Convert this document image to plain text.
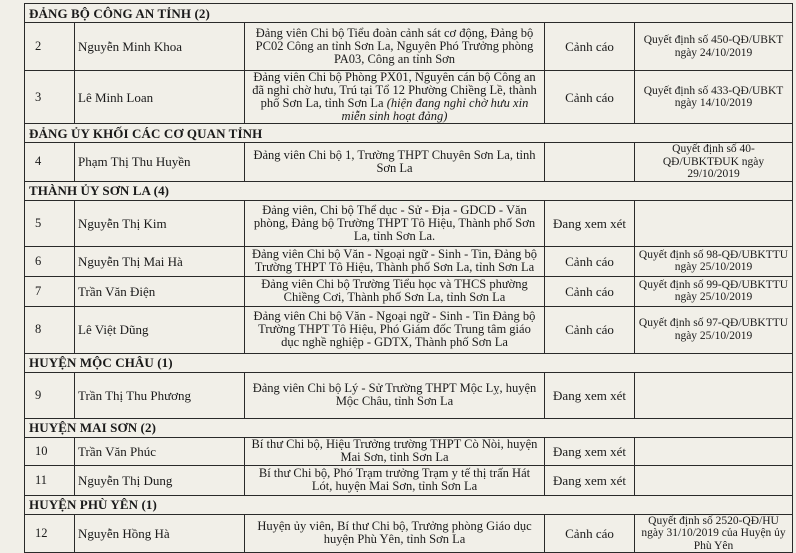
ĐẢNG BỘ CÔNG AN TỈNH (2)				
2	Nguyễn Minh Khoa	Đảng viên Chi bộ Tiểu đoàn cảnh sát cơ động, Đảng bộ PC02 Công an tỉnh Sơn La, Nguyên Phó Trưởng phòng PA03, Công an tỉnh Sơn	Cảnh cáo	Quyết định số 450-QĐ/UBKT ngày 24/10/2019
3	Lê Minh Loan	Đảng viên Chi bộ Phòng PX01, Nguyên cán bộ Công an đã nghỉ chờ hưu, Trú tại Tổ 12 Phường Chiềng Lề, thành phố Sơn La, tỉnh Sơn La (hiện đang nghỉ chờ hưu xin miễn sinh hoạt đảng)	Cảnh cáo	Quyết định số 433-QĐ/UBKT ngày 14/10/2019
ĐẢNG ỦY KHỐI CÁC CƠ QUAN TỈNH				
4	Phạm Thị Thu Huyền	Đảng viên Chi bộ 1, Trường THPT Chuyên Sơn La, tỉnh Sơn La		Quyết định số 40-QĐ/UBKTĐUK ngày 29/10/2019
THÀNH ỦY SƠN LA (4)				
5	Nguyễn Thị Kim	Đảng viên, Chi bộ Thể dục - Sử - Địa - GDCD - Văn phòng, Đảng bộ Trường THPT Tô Hiệu, Thành phố Sơn La, tỉnh Sơn La.	Đang xem xét	
6	Nguyễn Thị Mai Hà	Đảng viên Chi bộ Văn - Ngoại ngữ - Sinh - Tin, Đảng bộ Trường THPT Tô Hiệu, Thành phố Sơn La, tỉnh Sơn La	Cảnh cáo	Quyết định số 98-QĐ/UBKTTU ngày 25/10/2019
7	Trần Văn Điện	Đảng viên Chi bộ Trường Tiểu học và THCS phường Chiềng Cơi, Thành phố Sơn La, tỉnh Sơn La	Cảnh cáo	Quyết định số 99-QĐ/UBKTTU ngày 25/10/2019
8	Lê Việt Dũng	Đảng viên Chi bộ Văn - Ngoại ngữ - Sinh - Tin Đảng bộ Trường THPT Tô Hiệu, Phó Giám đốc Trung tâm giáo dục nghề nghiệp - GDTX, Thành phố Sơn La	Cảnh cáo	Quyết định số 97-QĐ/UBKTTU ngày 25/10/2019
HUYỆN MỘC CHÂU (1)				
9	Trần Thị Thu Phương	Đảng viên Chi bộ Lý - Sử Trường THPT Mộc Lỵ, huyện Mộc Châu, tỉnh Sơn La	Đang xem xét	
HUYỆN MAI SƠN (2)				
10	Trần Văn Phúc	Bí thư Chi bộ, Hiệu Trưởng trường THPT Cò Nòi, huyện Mai Sơn, tỉnh Sơn La	Đang xem xét	
11	Nguyễn Thị Dung	Bí thư Chi bộ, Phó Trạm trưởng Trạm y tế thị trấn Hát Lót, huyện Mai Sơn, tỉnh Sơn La	Đang xem xét	
HUYỆN PHÙ YÊN (1)				
12	Nguyễn Hồng Hà	Huyện ủy viên, Bí thư Chi bộ, Trưởng phòng Giáo dục huyện Phù Yên, tỉnh Sơn La	Cảnh cáo	Quyết định số 2520-QĐ/HU ngày 31/10/2019 của Huyện ủy Phù Yên
